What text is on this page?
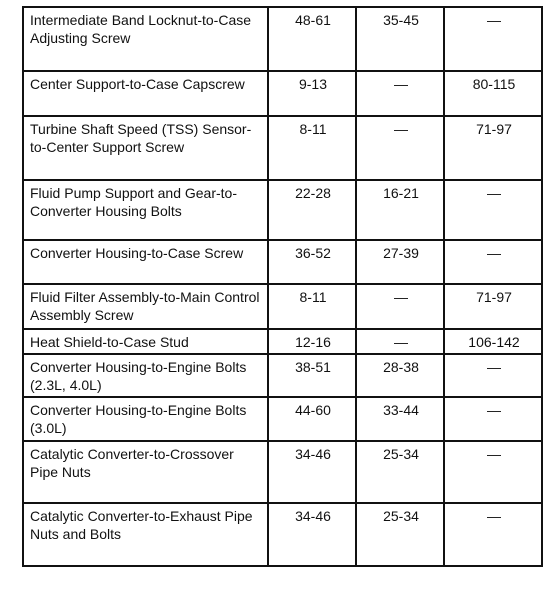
Intermediate Band Locknut-to-Case Adjusting Screw	48-61	35-45	—
Center Support-to-Case Capscrew	9-13	—	80-115
Turbine Shaft Speed (TSS) Sensor-to-Center Support Screw	8-11	—	71-97
Fluid Pump Support and Gear-to-Converter Housing Bolts	22-28	16-21	—
Converter Housing-to-Case Screw	36-52	27-39	—
Fluid Filter Assembly-to-Main Control Assembly Screw	8-11	—	71-97
Heat Shield-to-Case Stud	12-16	—	106-142
Converter Housing-to-Engine Bolts (2.3L, 4.0L)	38-51	28-38	—
Converter Housing-to-Engine Bolts (3.0L)	44-60	33-44	—
Catalytic Converter-to-Crossover Pipe Nuts	34-46	25-34	—
Catalytic Converter-to-Exhaust Pipe Nuts and Bolts	34-46	25-34	—
